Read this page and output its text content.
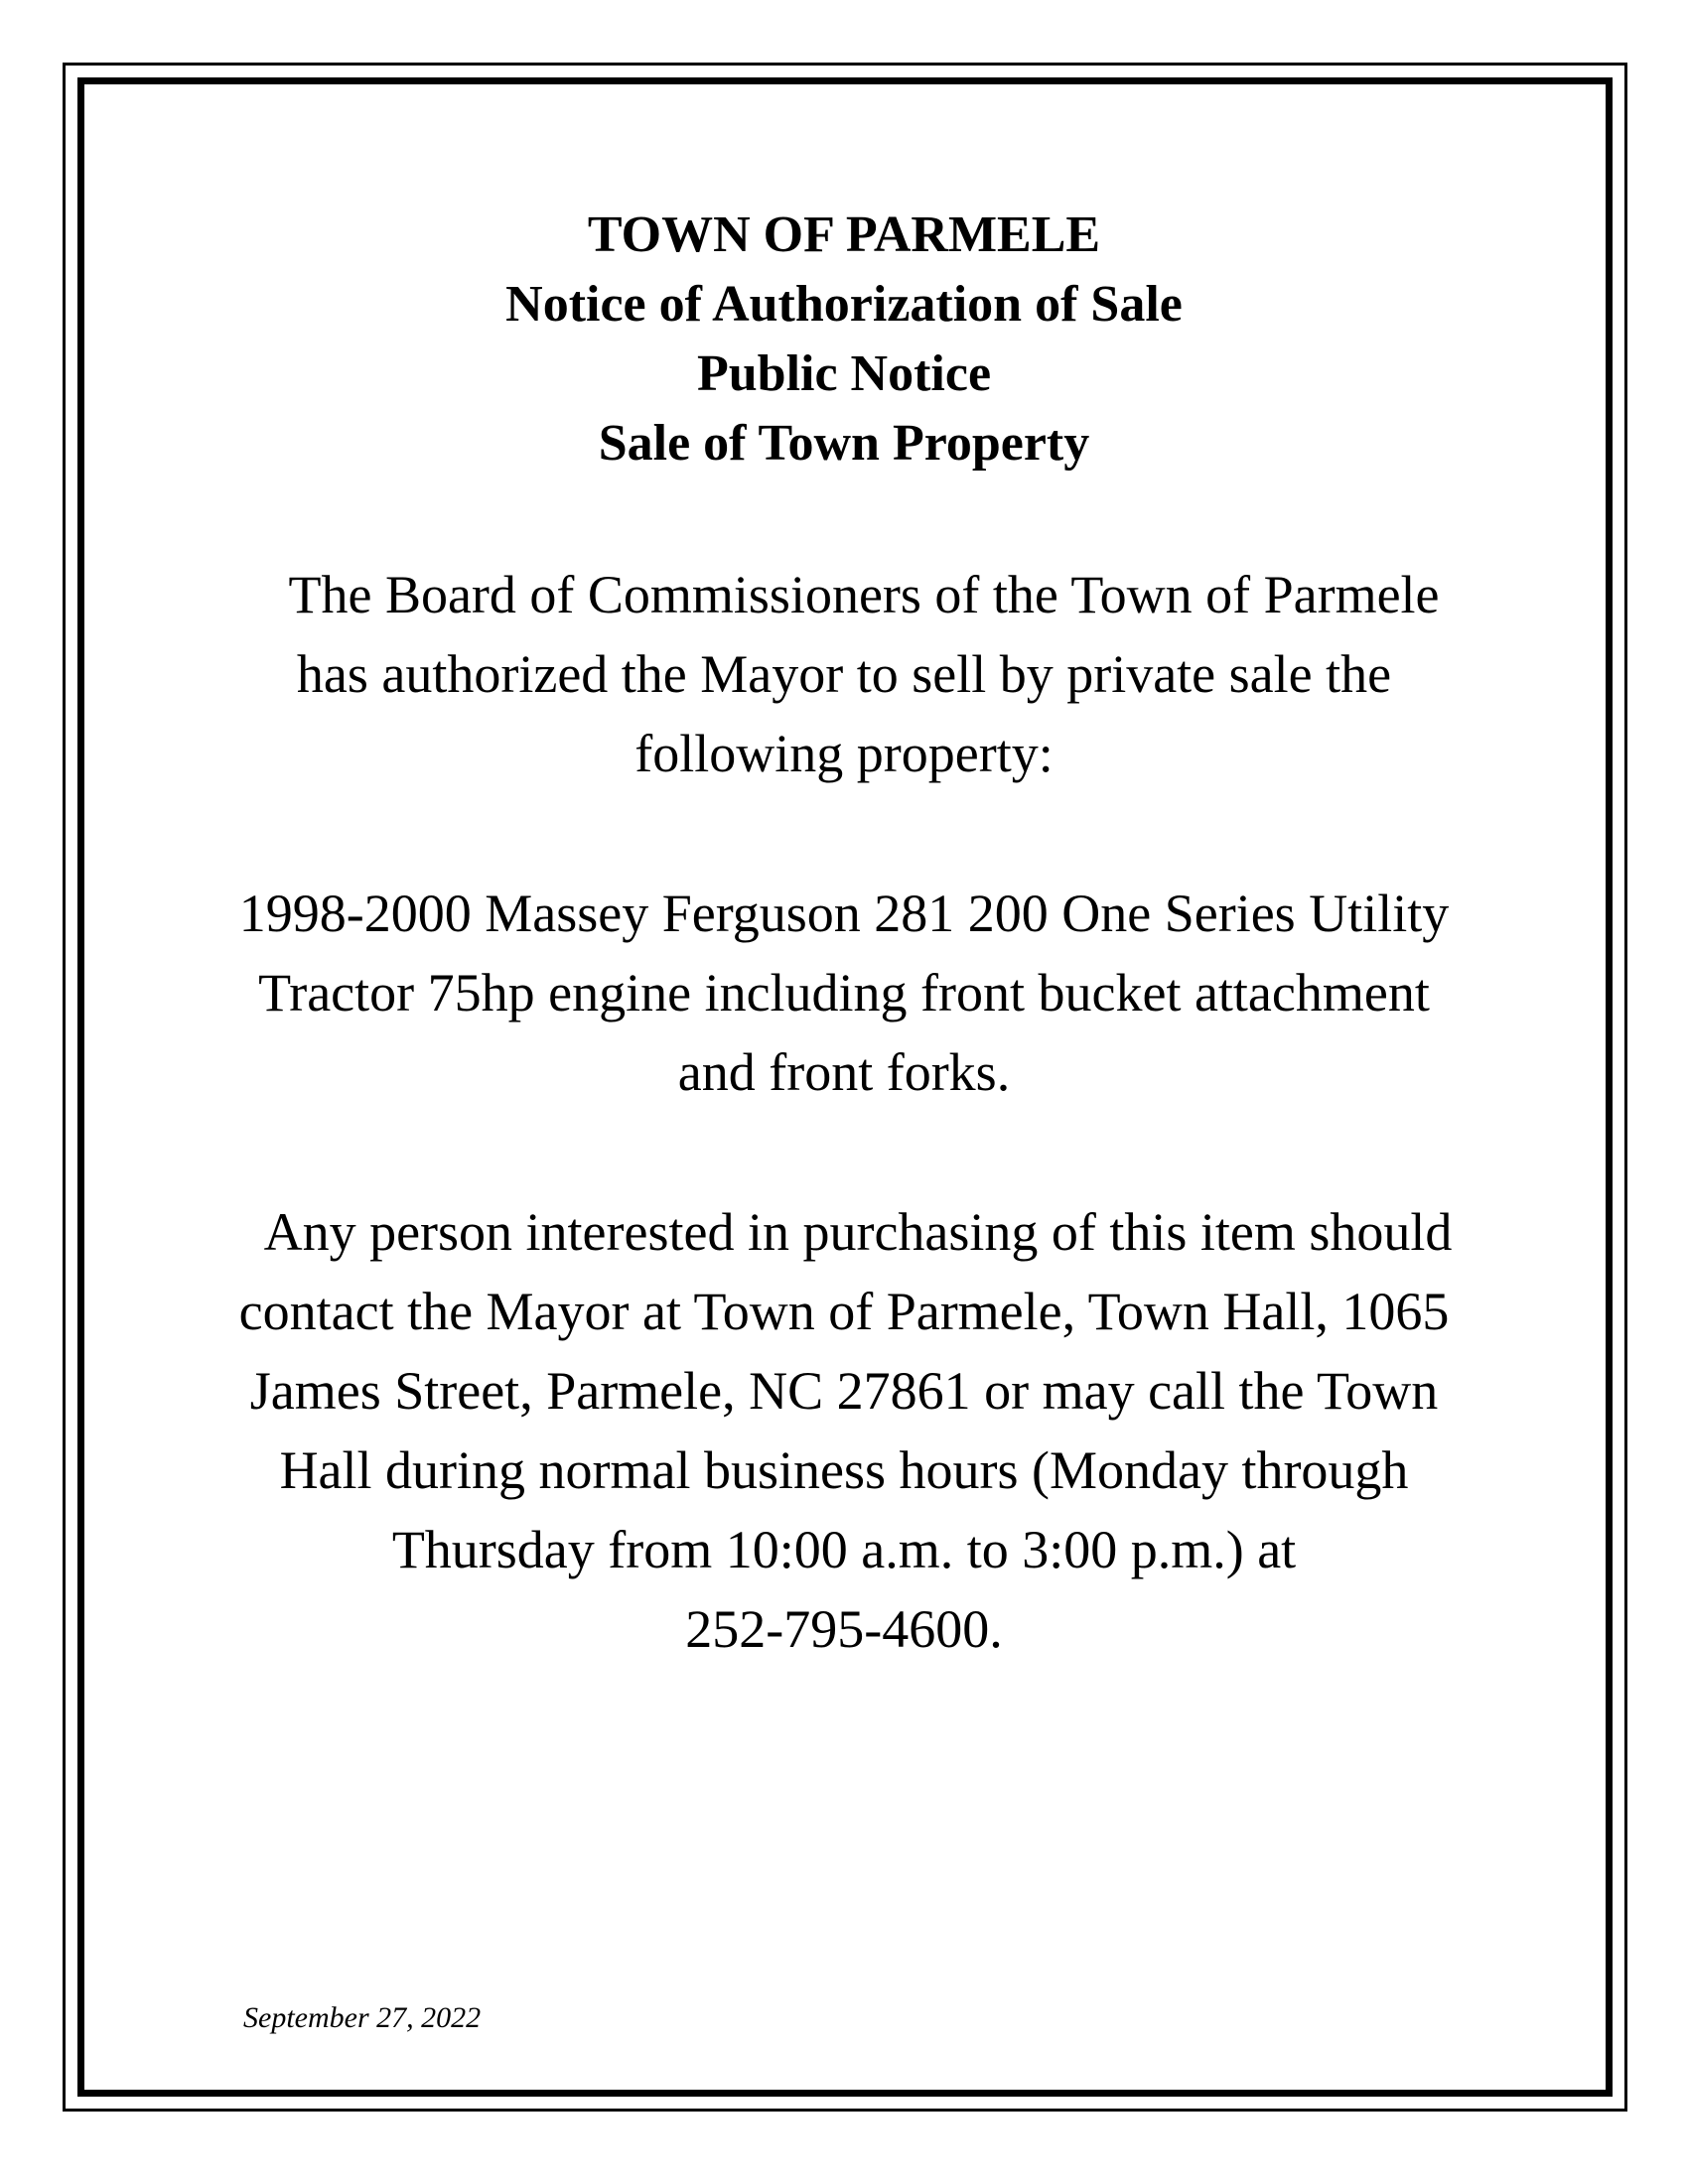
TOWN OF PARMELE
Notice of Authorization of Sale
Public Notice
Sale of Town Property
The Board of Commissioners of the Town of Parmele
has authorized the Mayor to sell by private sale the
following property:
1998-2000 Massey Ferguson 281 200 One Series Utility
Tractor 75hp engine including front bucket attachment
and front forks.
Any person interested in purchasing of this item should
contact the Mayor at Town of Parmele, Town Hall, 1065
James Street, Parmele, NC 27861 or may call the Town
Hall during normal business hours (Monday through
Thursday from 10:00 a.m. to 3:00 p.m.) at
252-795-4600.
September 27, 2022
